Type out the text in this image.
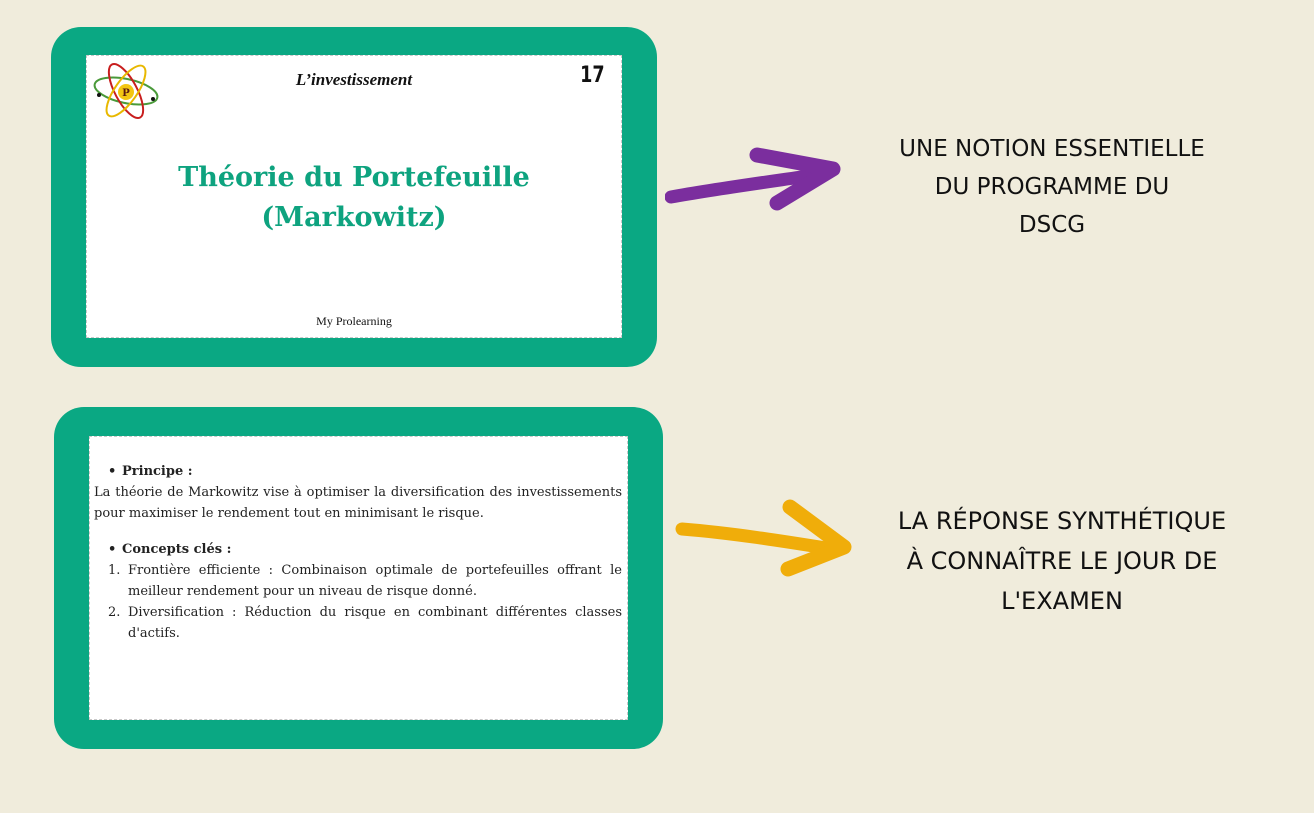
P
L’investissement	17
Théorie du Portefeuille
(Markowitz)
My Prolearning
• Principe :
La théorie de Markowitz vise à optimiser la diversification des investissements pour maximiser le rendement tout en minimisant le risque.
• Concepts clés :
1. Frontière efficiente : Combinaison optimale de portefeuilles offrant le meilleur rendement pour un niveau de risque donné.
2. Diversification : Réduction du risque en combinant différentes classes d'actifs.
UNE NOTION ESSENTIELLE
DU PROGRAMME DU
DSCG
LA RÉPONSE SYNTHÉTIQUE
À CONNAÎTRE LE JOUR DE
L'EXAMEN
